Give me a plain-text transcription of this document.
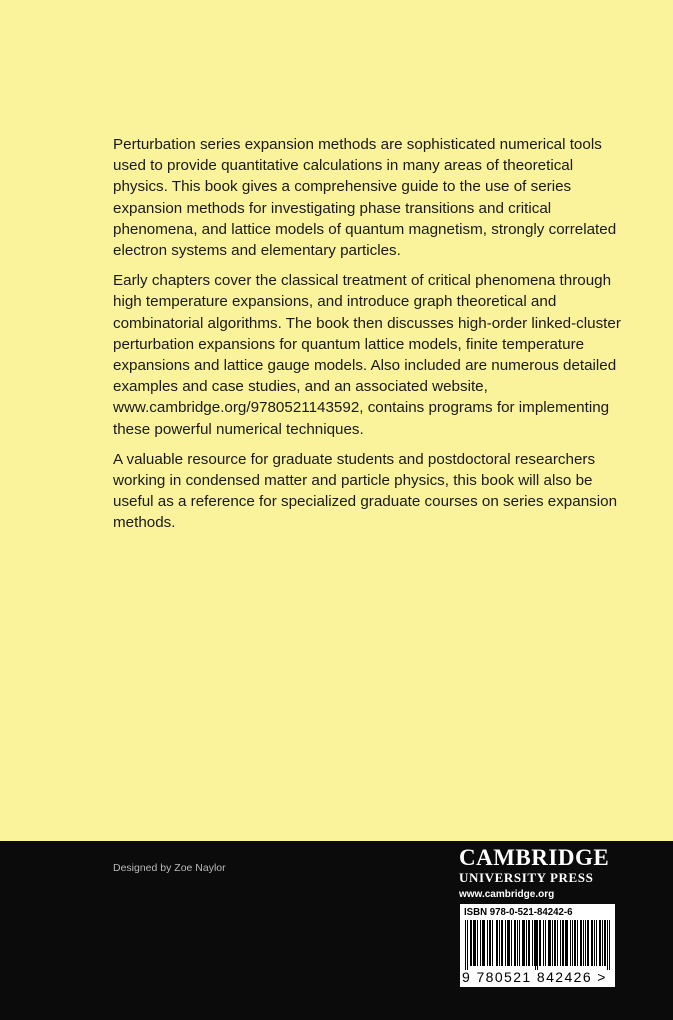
Perturbation series expansion methods are sophisticated numerical tools used to provide quantitative calculations in many areas of theoretical physics. This book gives a comprehensive guide to the use of series expansion methods for investigating phase transitions and critical phenomena, and lattice models of quantum magnetism, strongly correlated electron systems and elementary particles.

Early chapters cover the classical treatment of critical phenomena through high temperature expansions, and introduce graph theoretical and combinatorial algorithms. The book then discusses high-order linked-cluster perturbation expansions for quantum lattice models, finite temperature expansions and lattice gauge models. Also included are numerous detailed examples and case studies, and an associated website, www.cambridge.org/9780521143592, contains programs for implementing these powerful numerical techniques.

A valuable resource for graduate students and postdoctoral researchers working in condensed matter and particle physics, this book will also be useful as a reference for specialized graduate courses on series expansion methods.

Designed by Zoe Naylor	CAMBRIDGE
UNIVERSITY PRESS
www.cambridge.org
ISBN 978-0-521-84242-6
9 780521 842426 >
